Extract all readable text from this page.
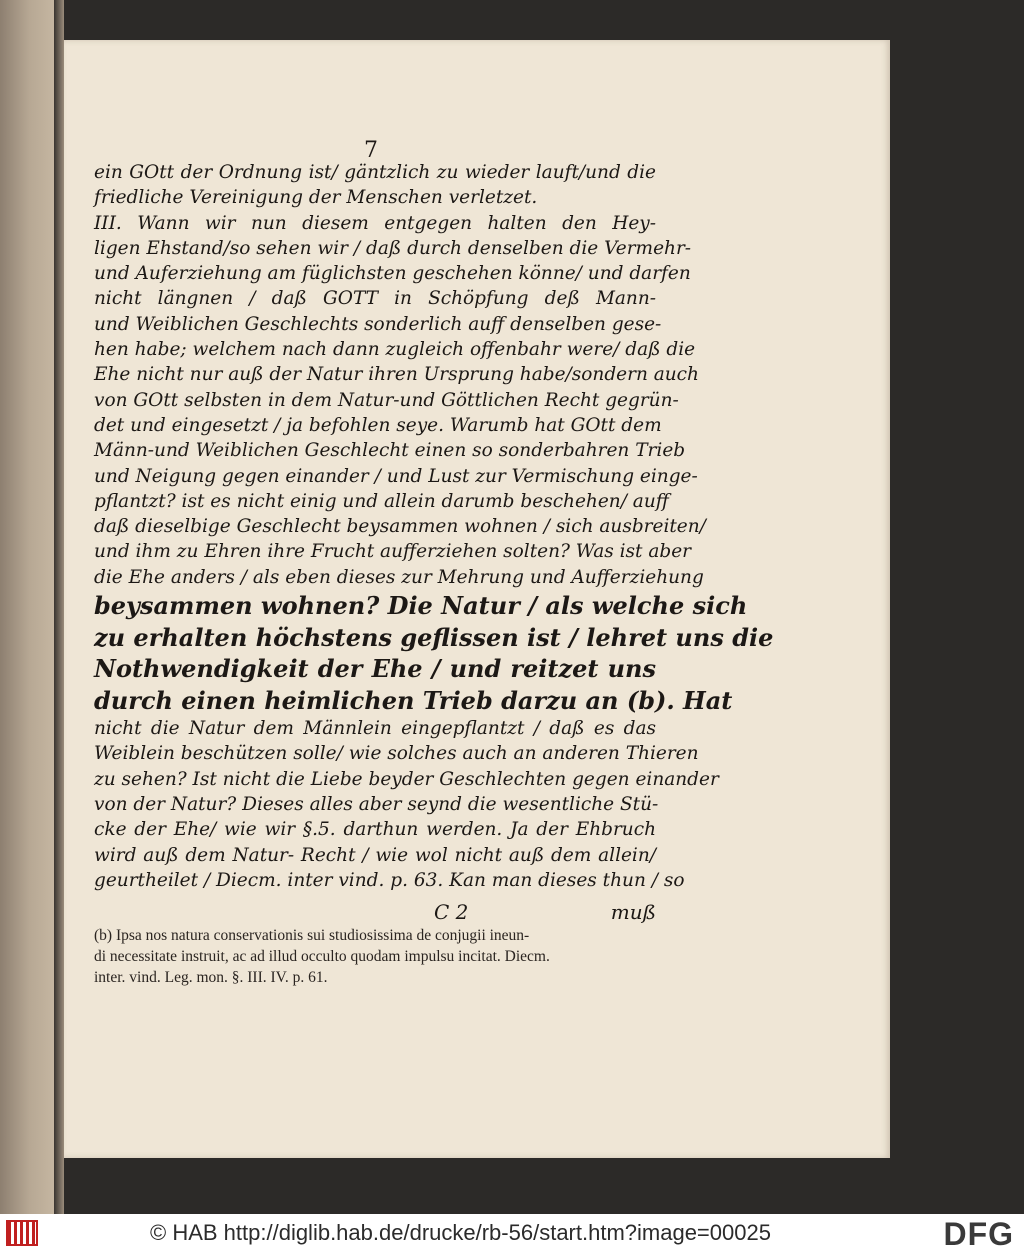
7
ein GOtt der Ordnung ist/ gäntzlich zu wieder lauft/und die
friedliche Vereinigung der Menschen verletzet.
III. Wann wir nun diesem entgegen halten den Hey-
ligen Ehstand/so sehen wir / daß durch denselben die Vermehr-
und Auferziehung am füglichsten geschehen könne/ und darfen
nicht längnen / daß GOTT in Schöpfung deß Mann-
und Weiblichen Geschlechts sonderlich auff denselben gese-
hen habe; welchem nach dann zugleich offenbahr were/ daß die
Ehe nicht nur auß der Natur ihren Ursprung habe/sondern auch
von GOtt selbsten in dem Natur-und Göttlichen Recht gegrün-
det und eingesetzt / ja befohlen seye. Warumb hat GOtt dem
Männ-und Weiblichen Geschlecht einen so sonderbahren Trieb
und Neigung gegen einander / und Lust zur Vermischung einge-
pflantzt? ist es nicht einig und allein darumb beschehen/ auff
daß dieselbige Geschlecht beysammen wohnen / sich ausbreiten/
und ihm zu Ehren ihre Frucht aufferziehen solten? Was ist aber
die Ehe anders / als eben dieses zur Mehrung und Aufferziehung
beysammen wohnen? Die Natur / als welche sich
zu erhalten höchstens geflissen ist / lehret uns die
Nothwendigkeit der Ehe / und reitzet uns
durch einen heimlichen Trieb darzu an (b). Hat
nicht die Natur dem Männlein eingepflantzt / daß es das
Weiblein beschützen solle/ wie solches auch an anderen Thieren
zu sehen? Ist nicht die Liebe beyder Geschlechten gegen einander
von der Natur? Dieses alles aber seynd die wesentliche Stü-
cke der Ehe/ wie wir §.5. darthun werden. Ja der Ehbruch
wird auß dem Natur- Recht / wie wol nicht auß dem allein/
geurtheilet / Diecm. inter vind. p. 63. Kan man dieses thun / so
C 2	muß
(b) Ipsa nos natura conservationis sui studiosissima de conjugii ineun-
di necessitate instruit, ac ad illud occulto quodam impulsu incitat. Diecm.
inter. vind. Leg. mon. §. III. IV. p. 61.
© HAB http://diglib.hab.de/drucke/rb-56/start.htm?image=00025	DFG
